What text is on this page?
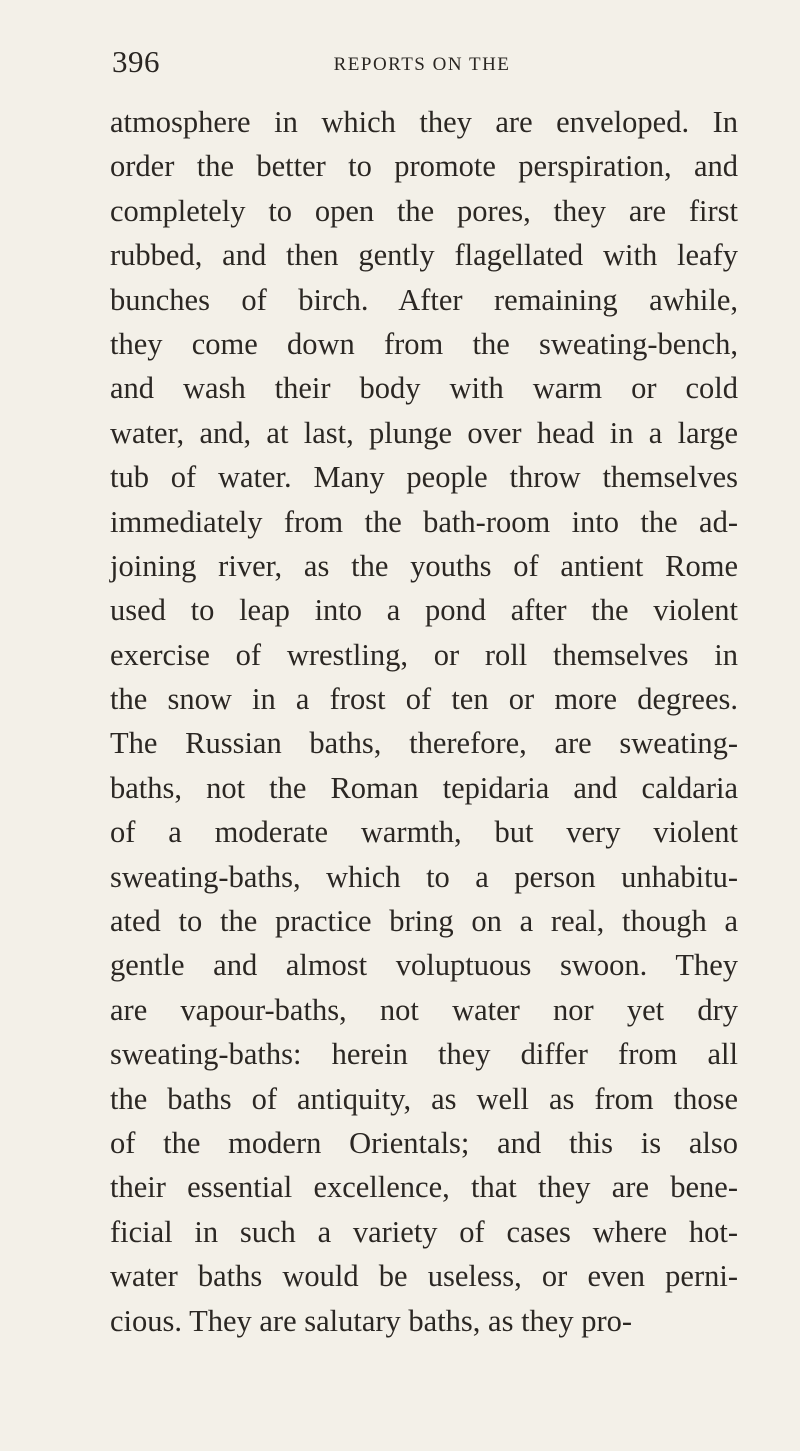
396	REPORTS ON THE
atmosphere in which they are enveloped. In
order the better to promote perspiration, and
completely to open the pores, they are first
rubbed, and then gently flagellated with leafy
bunches of birch. After remaining awhile,
they come down from the sweating-bench,
and wash their body with warm or cold
water, and, at last, plunge over head in a large
tub of water. Many people throw themselves
immediately from the bath-room into the ad-
joining river, as the youths of antient Rome
used to leap into a pond after the violent
exercise of wrestling, or roll themselves in
the snow in a frost of ten or more degrees.
The Russian baths, therefore, are sweating-
baths, not the Roman tepidaria and caldaria
of a moderate warmth, but very violent
sweating-baths, which to a person unhabitu-
ated to the practice bring on a real, though a
gentle and almost voluptuous swoon. They
are vapour-baths, not water nor yet dry
sweating-baths: herein they differ from all
the baths of antiquity, as well as from those
of the modern Orientals; and this is also
their essential excellence, that they are bene-
ficial in such a variety of cases where hot-
water baths would be useless, or even perni-
cious. They are salutary baths, as they pro-
